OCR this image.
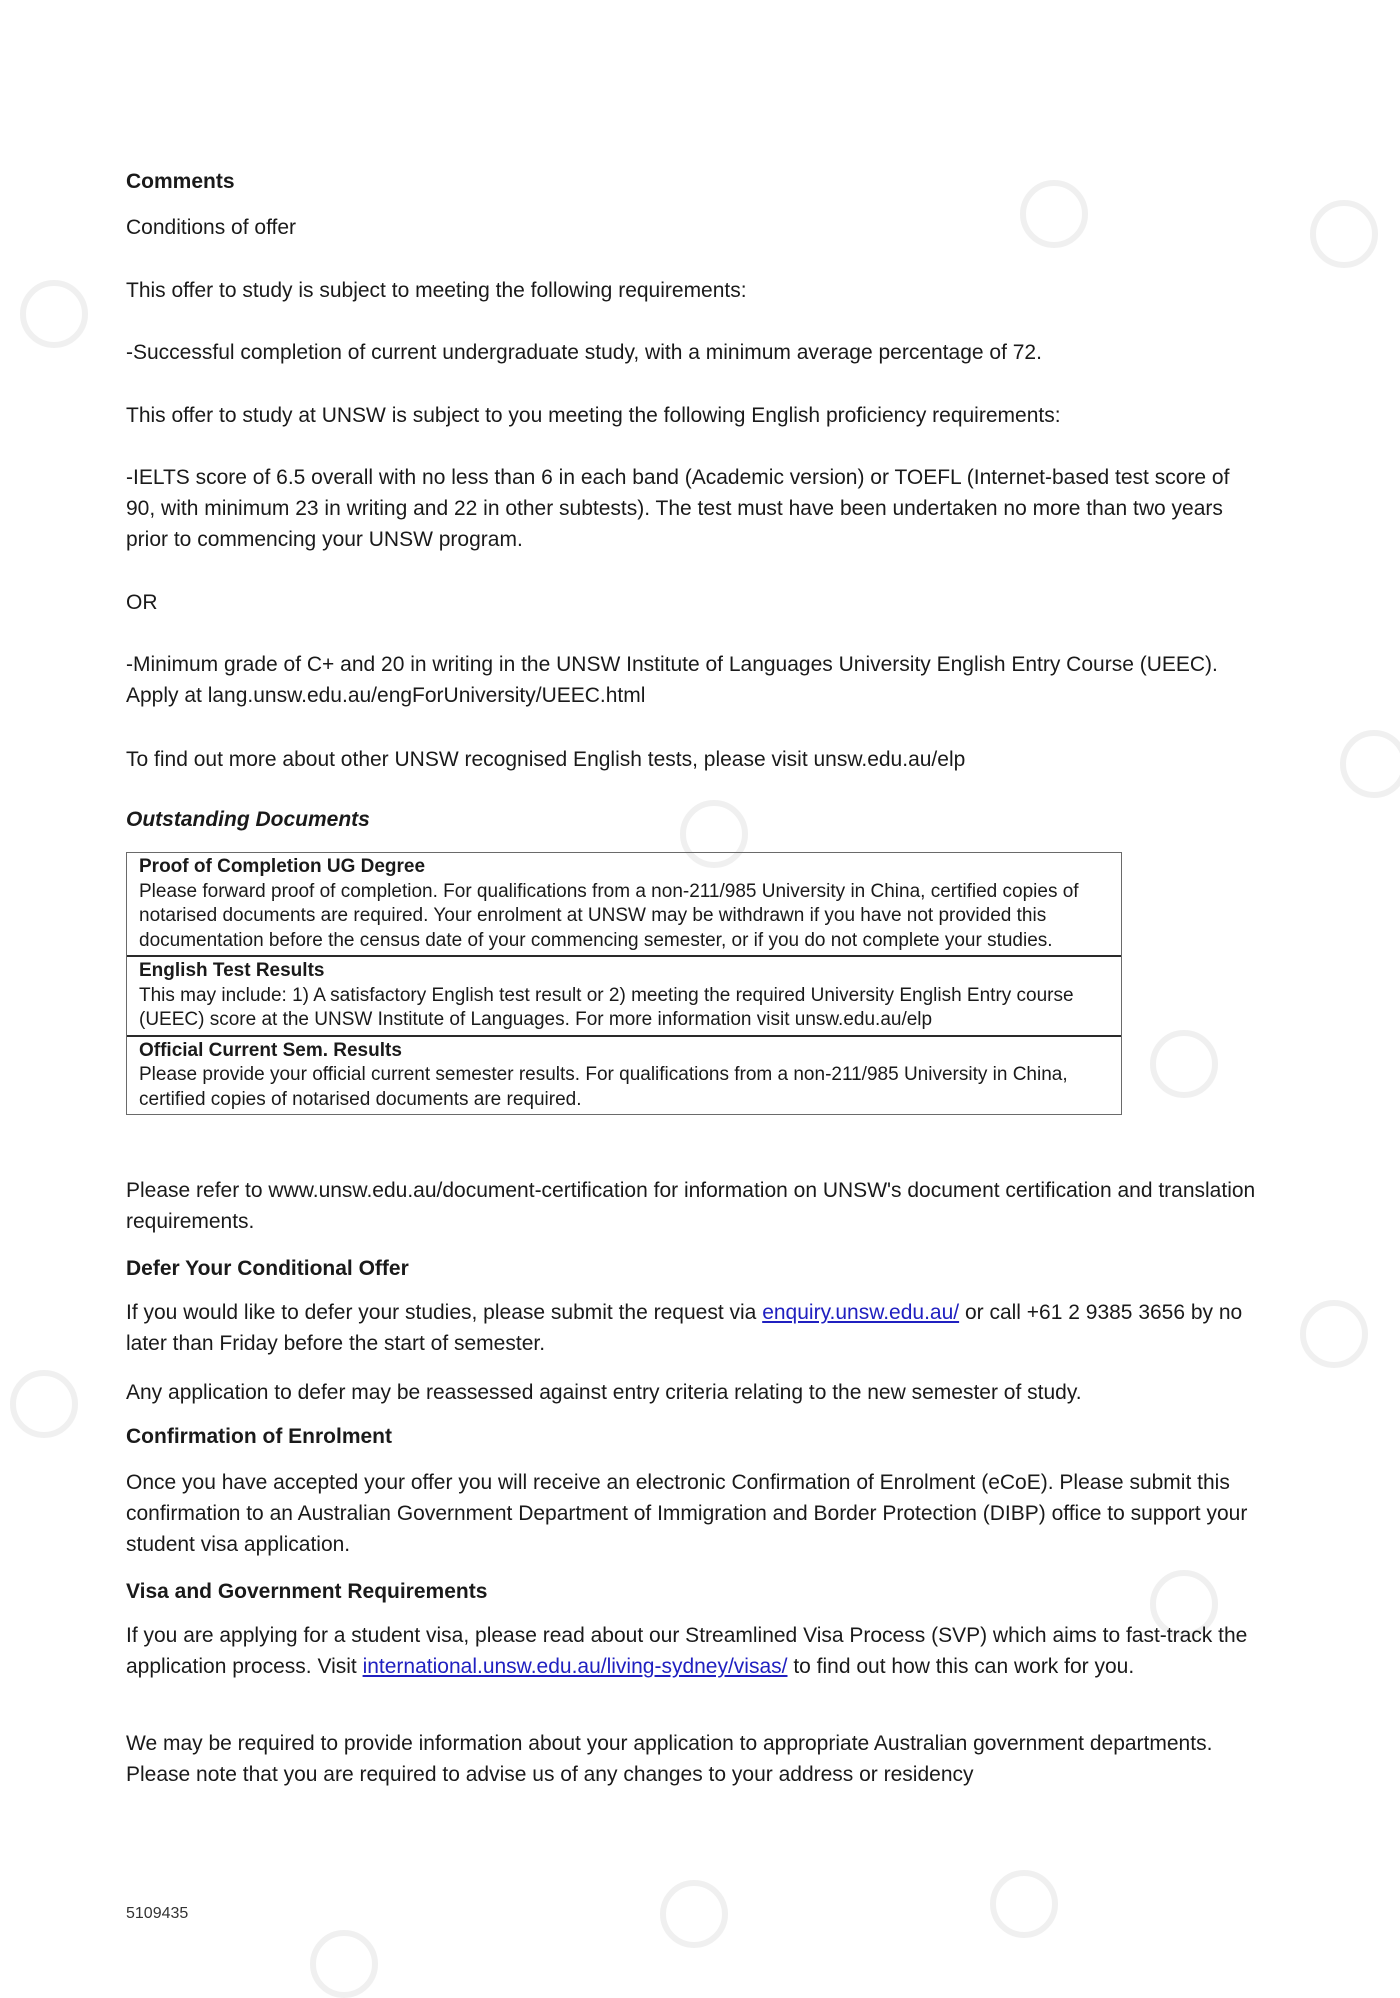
Comments
Conditions of offer
This offer to study is subject to meeting the following requirements:
-Successful completion of current undergraduate study, with a minimum average percentage of 72.
This offer to study at UNSW is subject to you meeting the following English proficiency requirements:
-IELTS score of 6.5 overall with no less than 6 in each band (Academic version) or TOEFL (Internet-based test score of 90, with minimum 23 in writing and 22 in other subtests). The test must have been undertaken no more than two years prior to commencing your UNSW program.
OR
-Minimum grade of C+ and 20 in writing in the UNSW Institute of Languages University English Entry Course (UEEC). Apply at lang.unsw.edu.au/engForUniversity/UEEC.html
To find out more about other UNSW recognised English tests, please visit unsw.edu.au/elp
Outstanding Documents
Proof of Completion UG Degree
Please forward proof of completion. For qualifications from a non-211/985 University in China, certified copies of notarised documents are required. Your enrolment at UNSW may be withdrawn if you have not provided this documentation before the census date of your commencing semester, or if you do not complete your studies.
English Test Results
This may include: 1) A satisfactory English test result or 2) meeting the required University English Entry course (UEEC) score at the UNSW Institute of Languages. For more information visit unsw.edu.au/elp
Official Current Sem. Results
Please provide your official current semester results. For qualifications from a non-211/985 University in China, certified copies of notarised documents are required.
Please refer to www.unsw.edu.au/document-certification for information on UNSW's document certification and translation requirements.
Defer Your Conditional Offer
If you would like to defer your studies, please submit the request via enquiry.unsw.edu.au/ or call +61 2 9385 3656 by no later than Friday before the start of semester.
Any application to defer may be reassessed against entry criteria relating to the new semester of study.
Confirmation of Enrolment
Once you have accepted your offer you will receive an electronic Confirmation of Enrolment (eCoE). Please submit this confirmation to an Australian Government Department of Immigration and Border Protection (DIBP) office to support your student visa application.
Visa and Government Requirements
If you are applying for a student visa, please read about our Streamlined Visa Process (SVP) which aims to fast-track the application process. Visit international.unsw.edu.au/living-sydney/visas/ to find out how this can work for you.
We may be required to provide information about your application to appropriate Australian government departments. Please note that you are required to advise us of any changes to your address or residency
5109435
